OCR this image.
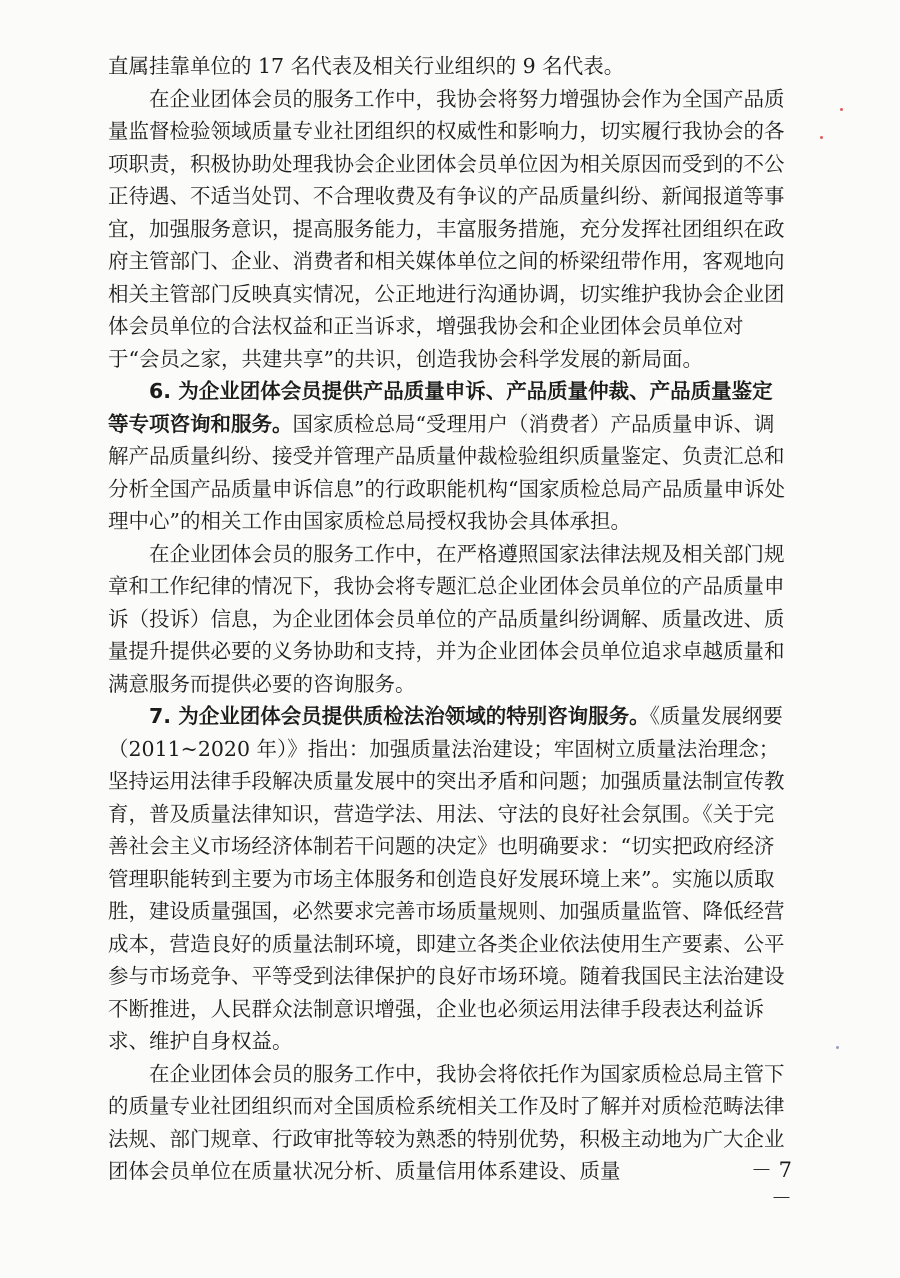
直属挂靠单位的 17 名代表及相关行业组织的 9 名代表。

在企业团体会员的服务工作中，我协会将努力增强协会作为全国产品质量监督检验领域质量专业社团组织的权威性和影响力，切实履行我协会的各项职责，积极协助处理我协会企业团体会员单位因为相关原因而受到的不公正待遇、不适当处罚、不合理收费及有争议的产品质量纠纷、新闻报道等事宜，加强服务意识，提高服务能力，丰富服务措施，充分发挥社团组织在政府主管部门、企业、消费者和相关媒体单位之间的桥梁纽带作用，客观地向相关主管部门反映真实情况，公正地进行沟通协调，切实维护我协会企业团体会员单位的合法权益和正当诉求，增强我协会和企业团体会员单位对于“会员之家，共建共享”的共识，创造我协会科学发展的新局面。

6. 为企业团体会员提供产品质量申诉、产品质量仲裁、产品质量鉴定等专项咨询和服务。国家质检总局“受理用户（消费者）产品质量申诉、调解产品质量纠纷、接受并管理产品质量仲裁检验组织质量鉴定、负责汇总和分析全国产品质量申诉信息”的行政职能机构“国家质检总局产品质量申诉处理中心”的相关工作由国家质检总局授权我协会具体承担。

在企业团体会员的服务工作中，在严格遵照国家法律法规及相关部门规章和工作纪律的情况下，我协会将专题汇总企业团体会员单位的产品质量申诉（投诉）信息，为企业团体会员单位的产品质量纠纷调解、质量改进、质量提升提供必要的义务协助和支持，并为企业团体会员单位追求卓越质量和满意服务而提供必要的咨询服务。

7. 为企业团体会员提供质检法治领域的特别咨询服务。《质量发展纲要（2011~2020 年）》指出：加强质量法治建设；牢固树立质量法治理念；坚持运用法律手段解决质量发展中的突出矛盾和问题；加强质量法制宣传教育，普及质量法律知识，营造学法、用法、守法的良好社会氛围。《关于完善社会主义市场经济体制若干问题的决定》也明确要求：“切实把政府经济管理职能转到主要为市场主体服务和创造良好发展环境上来”。实施以质取胜，建设质量强国，必然要求完善市场质量规则、加强质量监管、降低经营成本，营造良好的质量法制环境，即建立各类企业依法使用生产要素、公平参与市场竞争、平等受到法律保护的良好市场环境。随着我国民主法治建设不断推进，人民群众法制意识增强，企业也必须运用法律手段表达利益诉求、维护自身权益。

在企业团体会员的服务工作中，我协会将依托作为国家质检总局主管下的质量专业社团组织而对全国质检系统相关工作及时了解并对质检范畴法律法规、部门规章、行政审批等较为熟悉的特别优势，积极主动地为广大企业团体会员单位在质量状况分析、质量信用体系建设、质量	－ 7 －
